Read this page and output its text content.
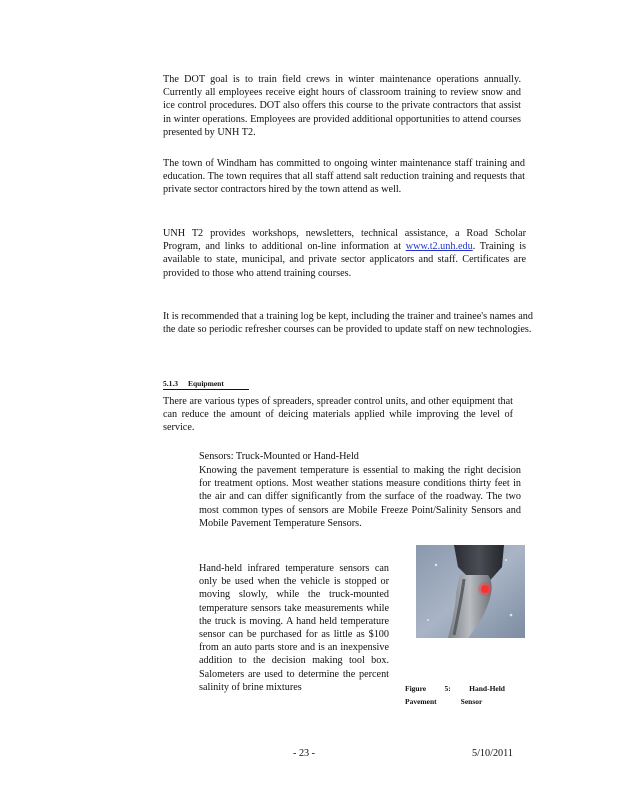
The DOT goal is to train field crews in winter maintenance operations annually. Currently all employees receive eight hours of classroom training to review snow and ice control procedures. DOT also offers this course to the private contractors that assist in winter operations. Employees are provided additional opportunities to attend courses presented by UNH T2.

The town of Windham has committed to ongoing winter maintenance staff training and education. The town requires that all staff attend salt reduction training and requests that private sector contractors hired by the town attend as well.

UNH T2 provides workshops, newsletters, technical assistance, a Road Scholar Program, and links to additional on-line information at www.t2.unh.edu. Training is available to state, municipal, and private sector applicators and staff. Certificates are provided to those who attend training courses.

It is recommended that a training log be kept, including the trainer and trainee's names and the date so periodic refresher courses can be provided to update staff on new technologies.

5.1.3 Equipment

There are various types of spreaders, spreader control units, and other equipment that can reduce the amount of deicing materials applied while improving the level of service.

Sensors: Truck-Mounted or Hand-Held

Knowing the pavement temperature is essential to making the right decision for treatment options. Most weather stations measure conditions thirty feet in the air and can differ significantly from the surface of the roadway. The two most common types of sensors are Mobile Freeze Point/Salinity Sensors and Mobile Pavement Temperature Sensors.

Hand-held infrared temperature sensors can only be used when the vehicle is stopped or moving slowly, while the truck-mounted temperature sensors take measurements while the truck is moving. A hand held temperature sensor can be purchased for as little as $100 from an auto parts store and is an inexpensive addition to the decision making tool box. Salometers are used to determine the percent salinity of brine mixtures	Figure 5: Hand-Held
Pavement	Sensor
- 23 -	5/10/2011
